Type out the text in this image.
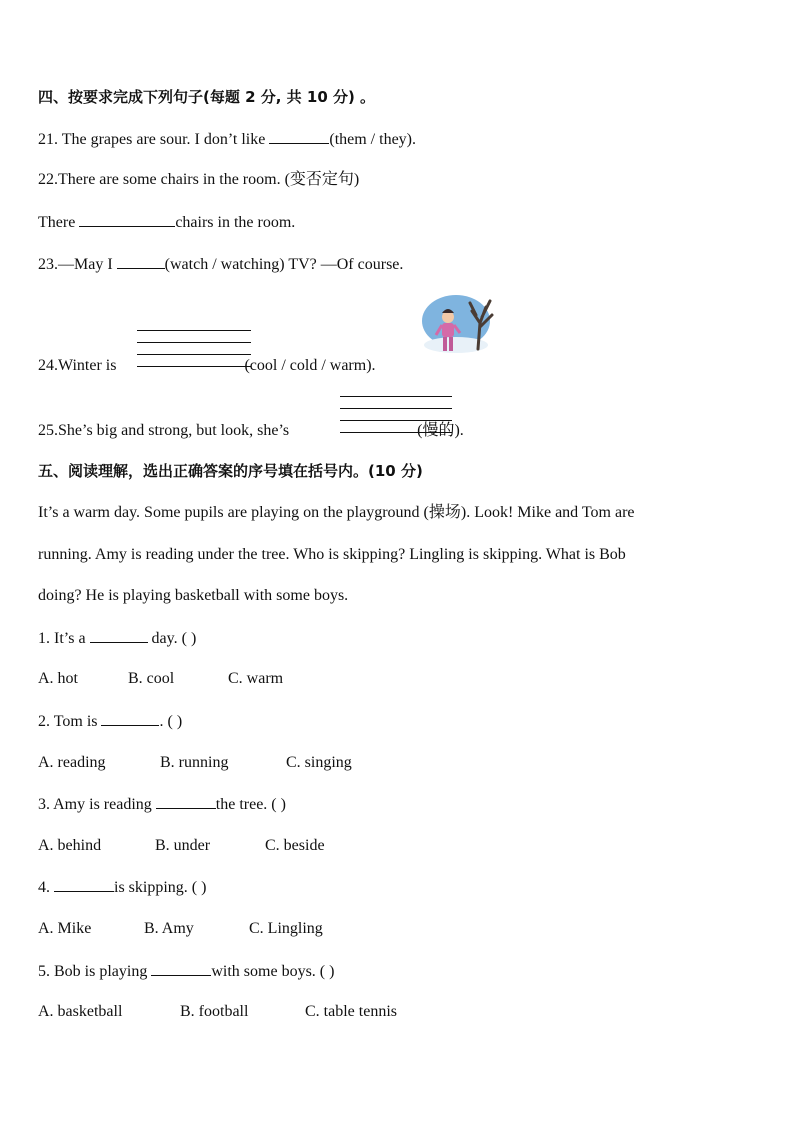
四、按要求完成下列句子(每题 2 分, 共 10 分) 。
21. The grapes are sour. I don’t like	(them / they).
22.There are some chairs in the room. (变否定句)
There	chairs in the room.
23.—May I	(watch / watching) TV? —Of course.
24.Winter is	(cool / cold / warm).
25.She’s big and strong, but look, she’s	(慢的).
五、阅读理解，选出正确答案的序号填在括号内。(10 分)
It’s a warm day. Some pupils are playing on the playground (操场). Look! Mike and Tom are
running. Amy is reading under the tree. Who is skipping? Lingling is skipping. What is Bob
doing? He is playing basketball with some boys.
1. It’s a	day. ( )
A. hot	B. cool	C. warm
2. Tom is	. ( )
A. reading	B. running	C. singing
3. Amy is reading	the tree. ( )
A. behind	B. under	C. beside
4.	is skipping. ( )
A. Mike	B. Amy	C. Lingling
5. Bob is playing	with some boys. ( )
A. basketball	B. football	C. table tennis
